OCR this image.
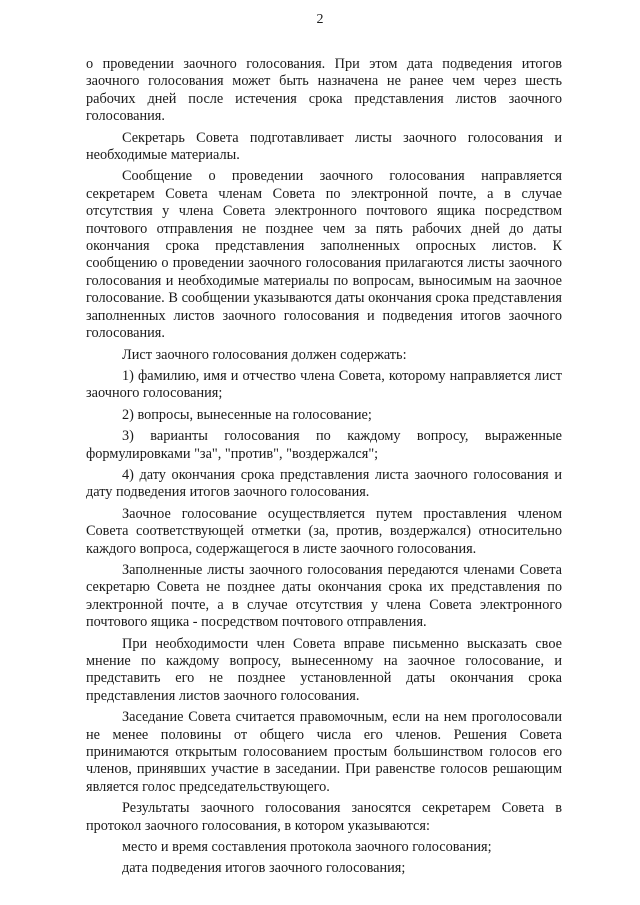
2

о проведении заочного голосования. При этом дата подведения итогов заочного голосования может быть назначена не ранее чем через шесть рабочих дней после истечения срока представления листов заочного голосования.

Секретарь Совета подготавливает листы заочного голосования и необходимые материалы.

Сообщение о проведении заочного голосования направляется секретарем Совета членам Совета по электронной почте, а в случае отсутствия у члена Совета электронного почтового ящика посредством почтового отправления не позднее чем за пять рабочих дней до даты окончания срока представления заполненных опросных листов. К сообщению о проведении заочного голосования прилагаются листы заочного голосования и необходимые материалы по вопросам, выносимым на заочное голосование. В сообщении указываются даты окончания срока представления заполненных листов заочного голосования и подведения итогов заочного голосования.

Лист заочного голосования должен содержать:

1) фамилию, имя и отчество члена Совета, которому направляется лист заочного голосования;

2) вопросы, вынесенные на голосование;

3) варианты голосования по каждому вопросу, выраженные формулировками "за", "против", "воздержался";

4) дату окончания срока представления листа заочного голосования и дату подведения итогов заочного голосования.

Заочное голосование осуществляется путем проставления членом Совета соответствующей отметки (за, против, воздержался) относительно каждого вопроса, содержащегося в листе заочного голосования.

Заполненные листы заочного голосования передаются членами Совета секретарю Совета не позднее даты окончания срока их представления по электронной почте, а в случае отсутствия у члена Совета электронного почтового ящика - посредством почтового отправления.

При необходимости член Совета вправе письменно высказать свое мнение по каждому вопросу, вынесенному на заочное голосование, и представить его не позднее установленной даты окончания срока представления листов заочного голосования.

Заседание Совета считается правомочным, если на нем проголосовали не менее половины от общего числа его членов. Решения Совета принимаются открытым голосованием простым большинством голосов его членов, принявших участие в заседании. При равенстве голосов решающим является голос председательствующего.

Результаты заочного голосования заносятся секретарем Совета в протокол заочного голосования, в котором указываются:

место и время составления протокола заочного голосования;

дата подведения итогов заочного голосования;
